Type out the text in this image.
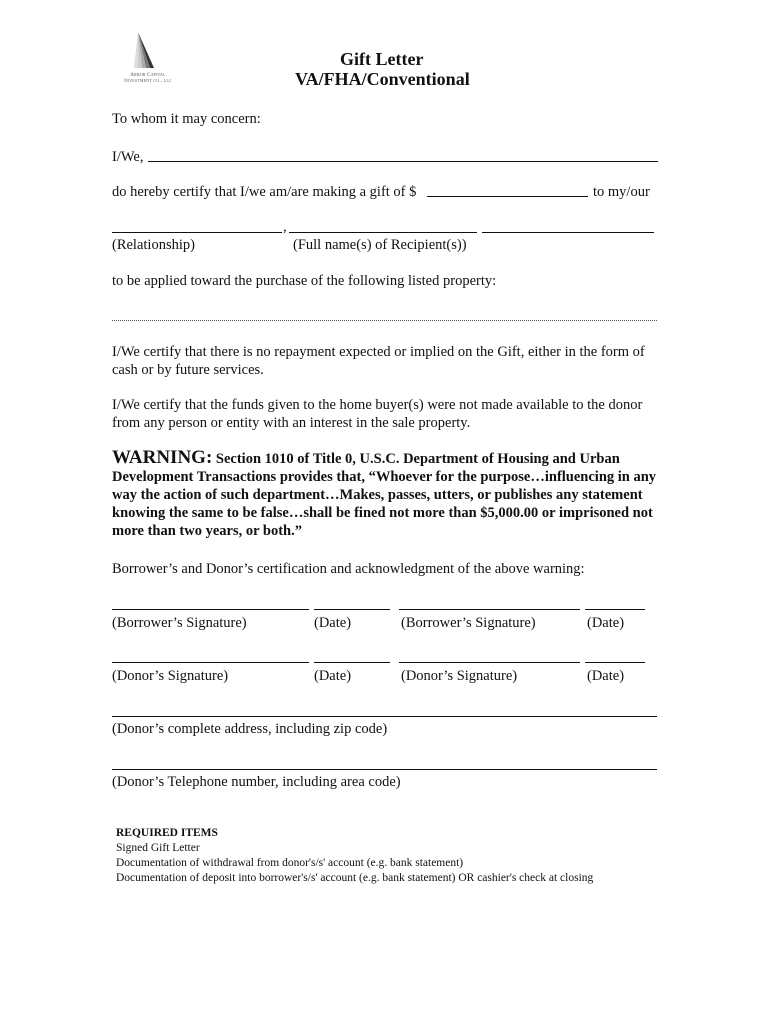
Arbor Capital
Investment co., llc
Gift Letter
VA/FHA/Conventional
To whom it may concern:
I/We,
do hereby certify that I/we am/are making a gift of $	to my/our
,
(Relationship)	(Full name(s) of Recipient(s))
to be applied toward the purchase of the following listed property:
I/We certify that there is no repayment expected or implied on the Gift, either in the form of cash or by future services.
I/We certify that the funds given to the home buyer(s) were not made available to the donor from any person or entity with an interest in the sale property.
WARNING: Section 1010 of Title 0, U.S.C. Department of Housing and Urban Development Transactions provides that, “Whoever for the purpose…influencing in any way the action of such department…Makes, passes, utters, or publishes any statement knowing the same to be false…shall be fined not more than $5,000.00 or imprisoned not more than two years, or both.”
Borrower’s and Donor’s certification and acknowledgment of the above warning:
(Borrower’s Signature)	(Date)	(Borrower’s Signature)	(Date)
(Donor’s Signature)	(Date)	(Donor’s Signature)	(Date)
(Donor’s complete address, including zip code)
(Donor’s Telephone number, including area code)
REQUIRED ITEMS
Signed Gift Letter
Documentation of withdrawal from donor's/s' account (e.g. bank statement)
Documentation of deposit into borrower's/s' account (e.g. bank statement) OR cashier's check at closing
